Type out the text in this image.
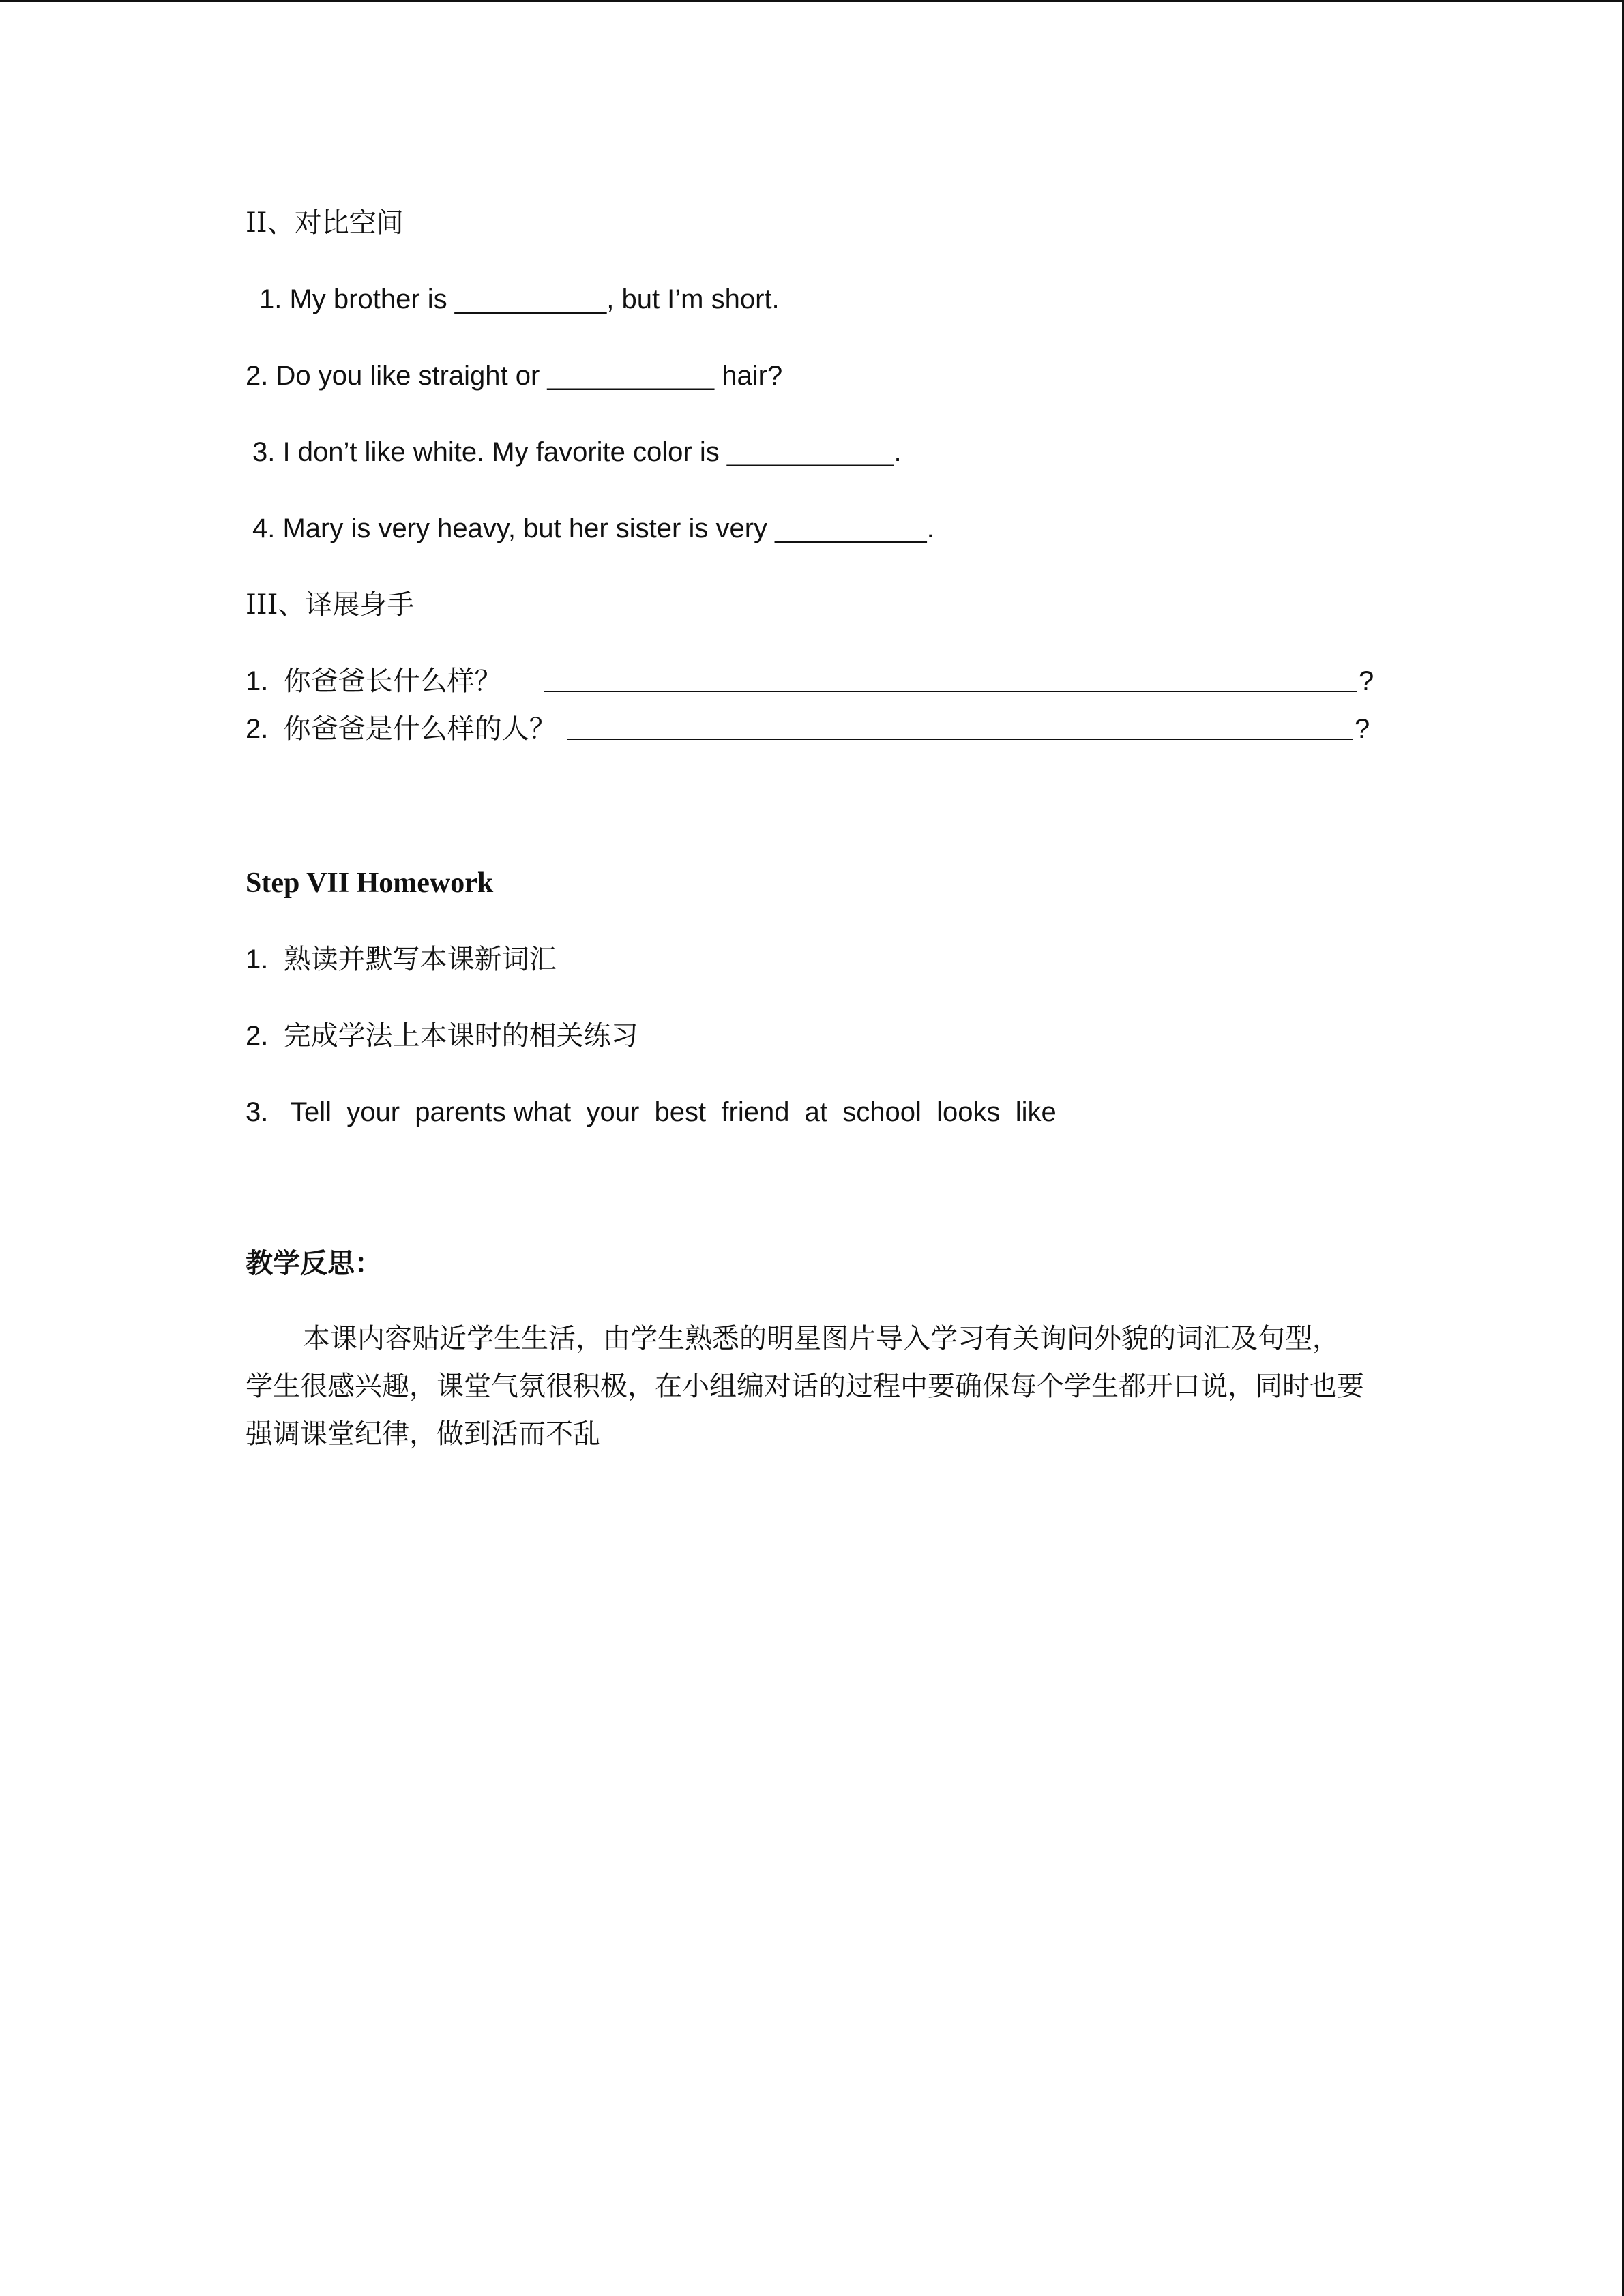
II、对比空间
1. My brother is __________, but I’m short.
2. Do you like straight or ___________ hair?
3. I don’t like white. My favorite color is ___________.
4. Mary is very heavy, but her sister is very __________.
III、译展身手
1. 你爸爸长什么样？	?
2. 你爸爸是什么样的人？	?
Step VII Homework
1. 熟读并默写本课新词汇
2. 完成学法上本课时的相关练习
3. Tell  your  parents what  your  best  friend  at  school  looks  like
教学反思：
本课内容贴近学生生活，由学生熟悉的明星图片导入学习有关询问外貌的词汇及句型，学生很感兴趣，课堂气氛很积极，在小组编对话的过程中要确保每个学生都开口说，同时也要强调课堂纪律，做到活而不乱
